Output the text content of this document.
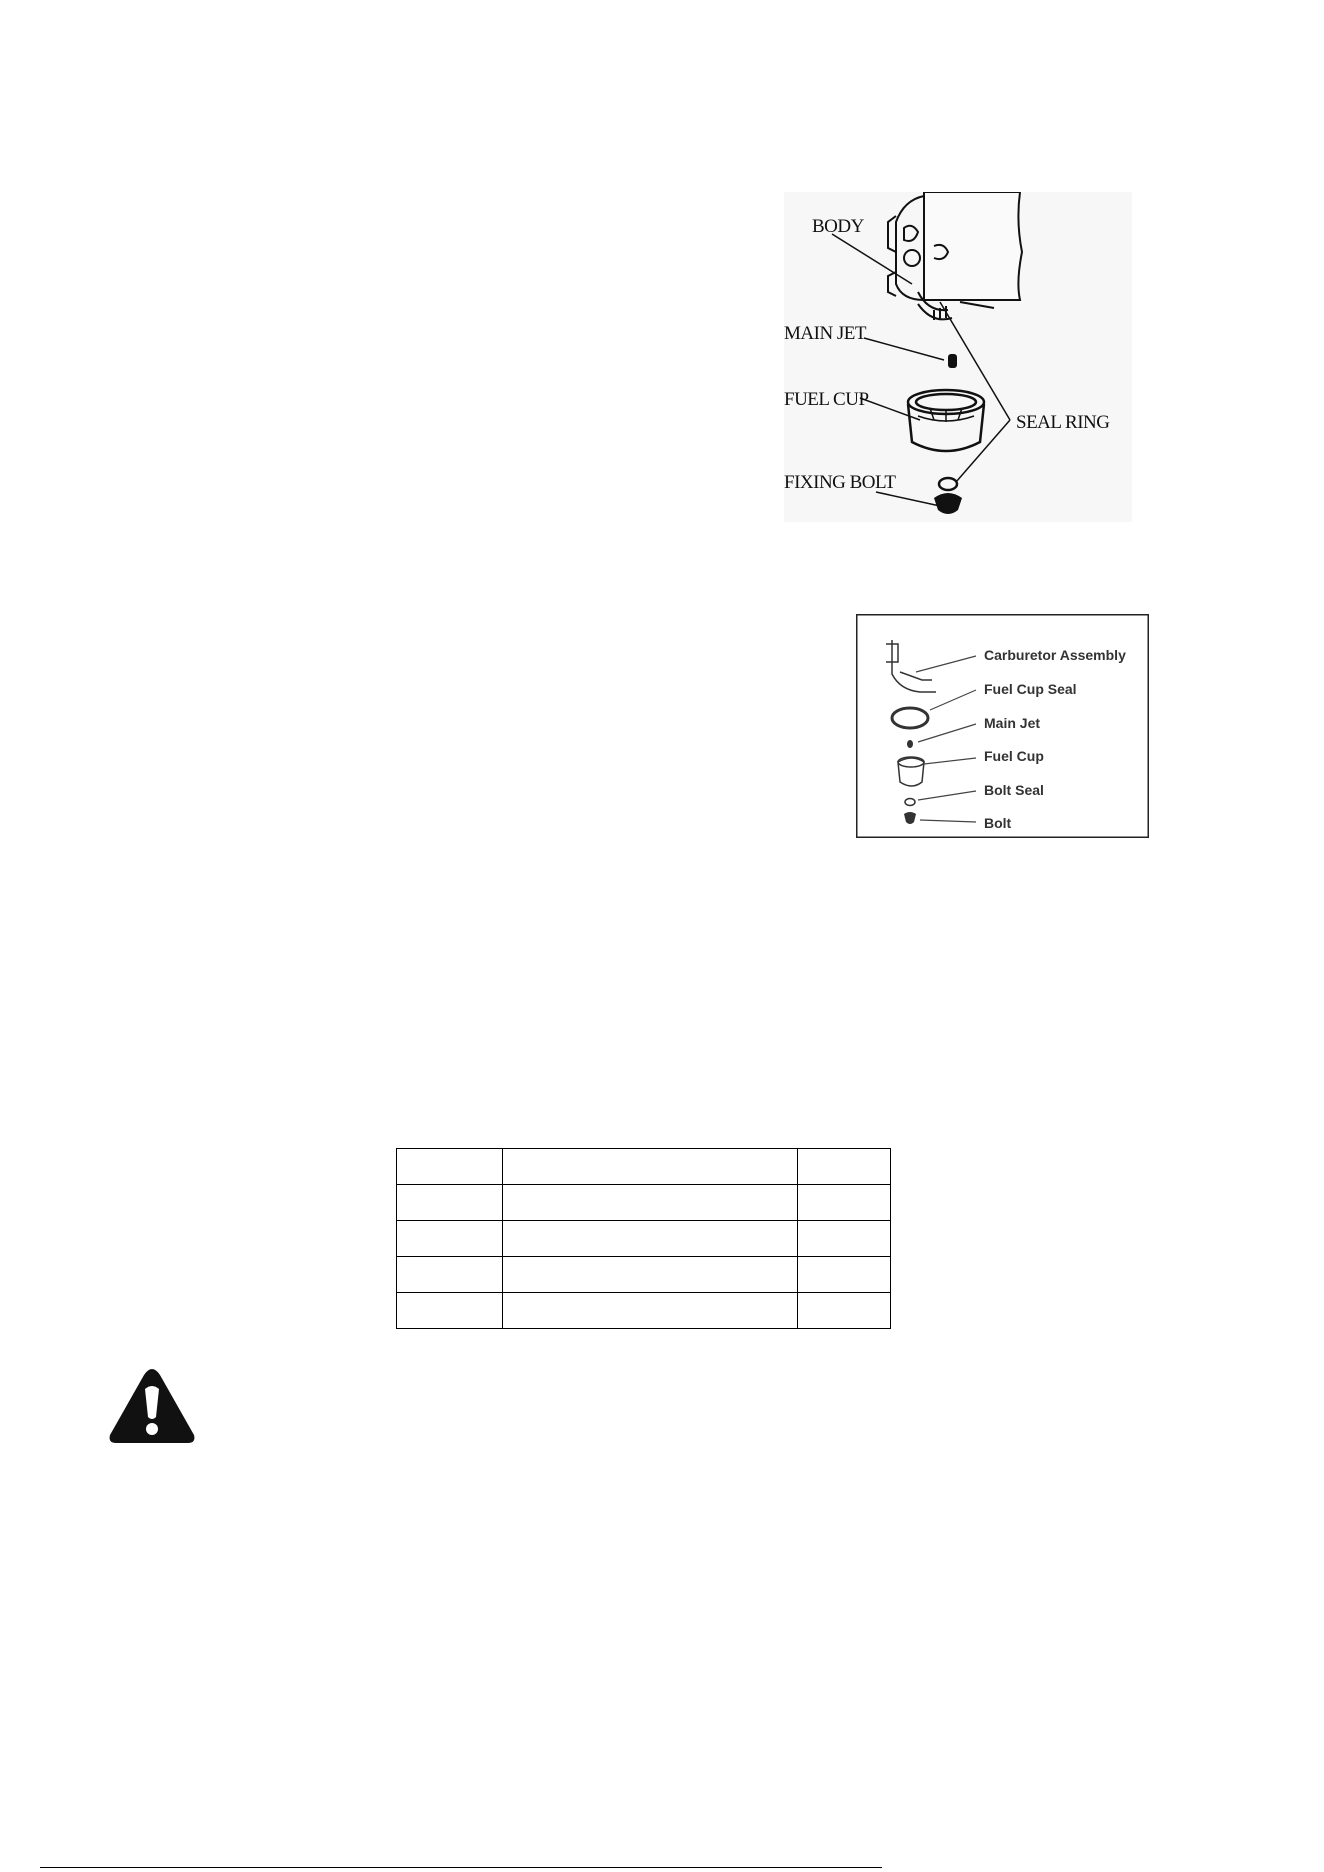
BODY
MAIN JET
FUEL CUP
SEAL RING
FIXING BOLT
Carburetor Assembly
Fuel Cup Seal
Main Jet
Fuel Cup
Bolt Seal
Bolt
